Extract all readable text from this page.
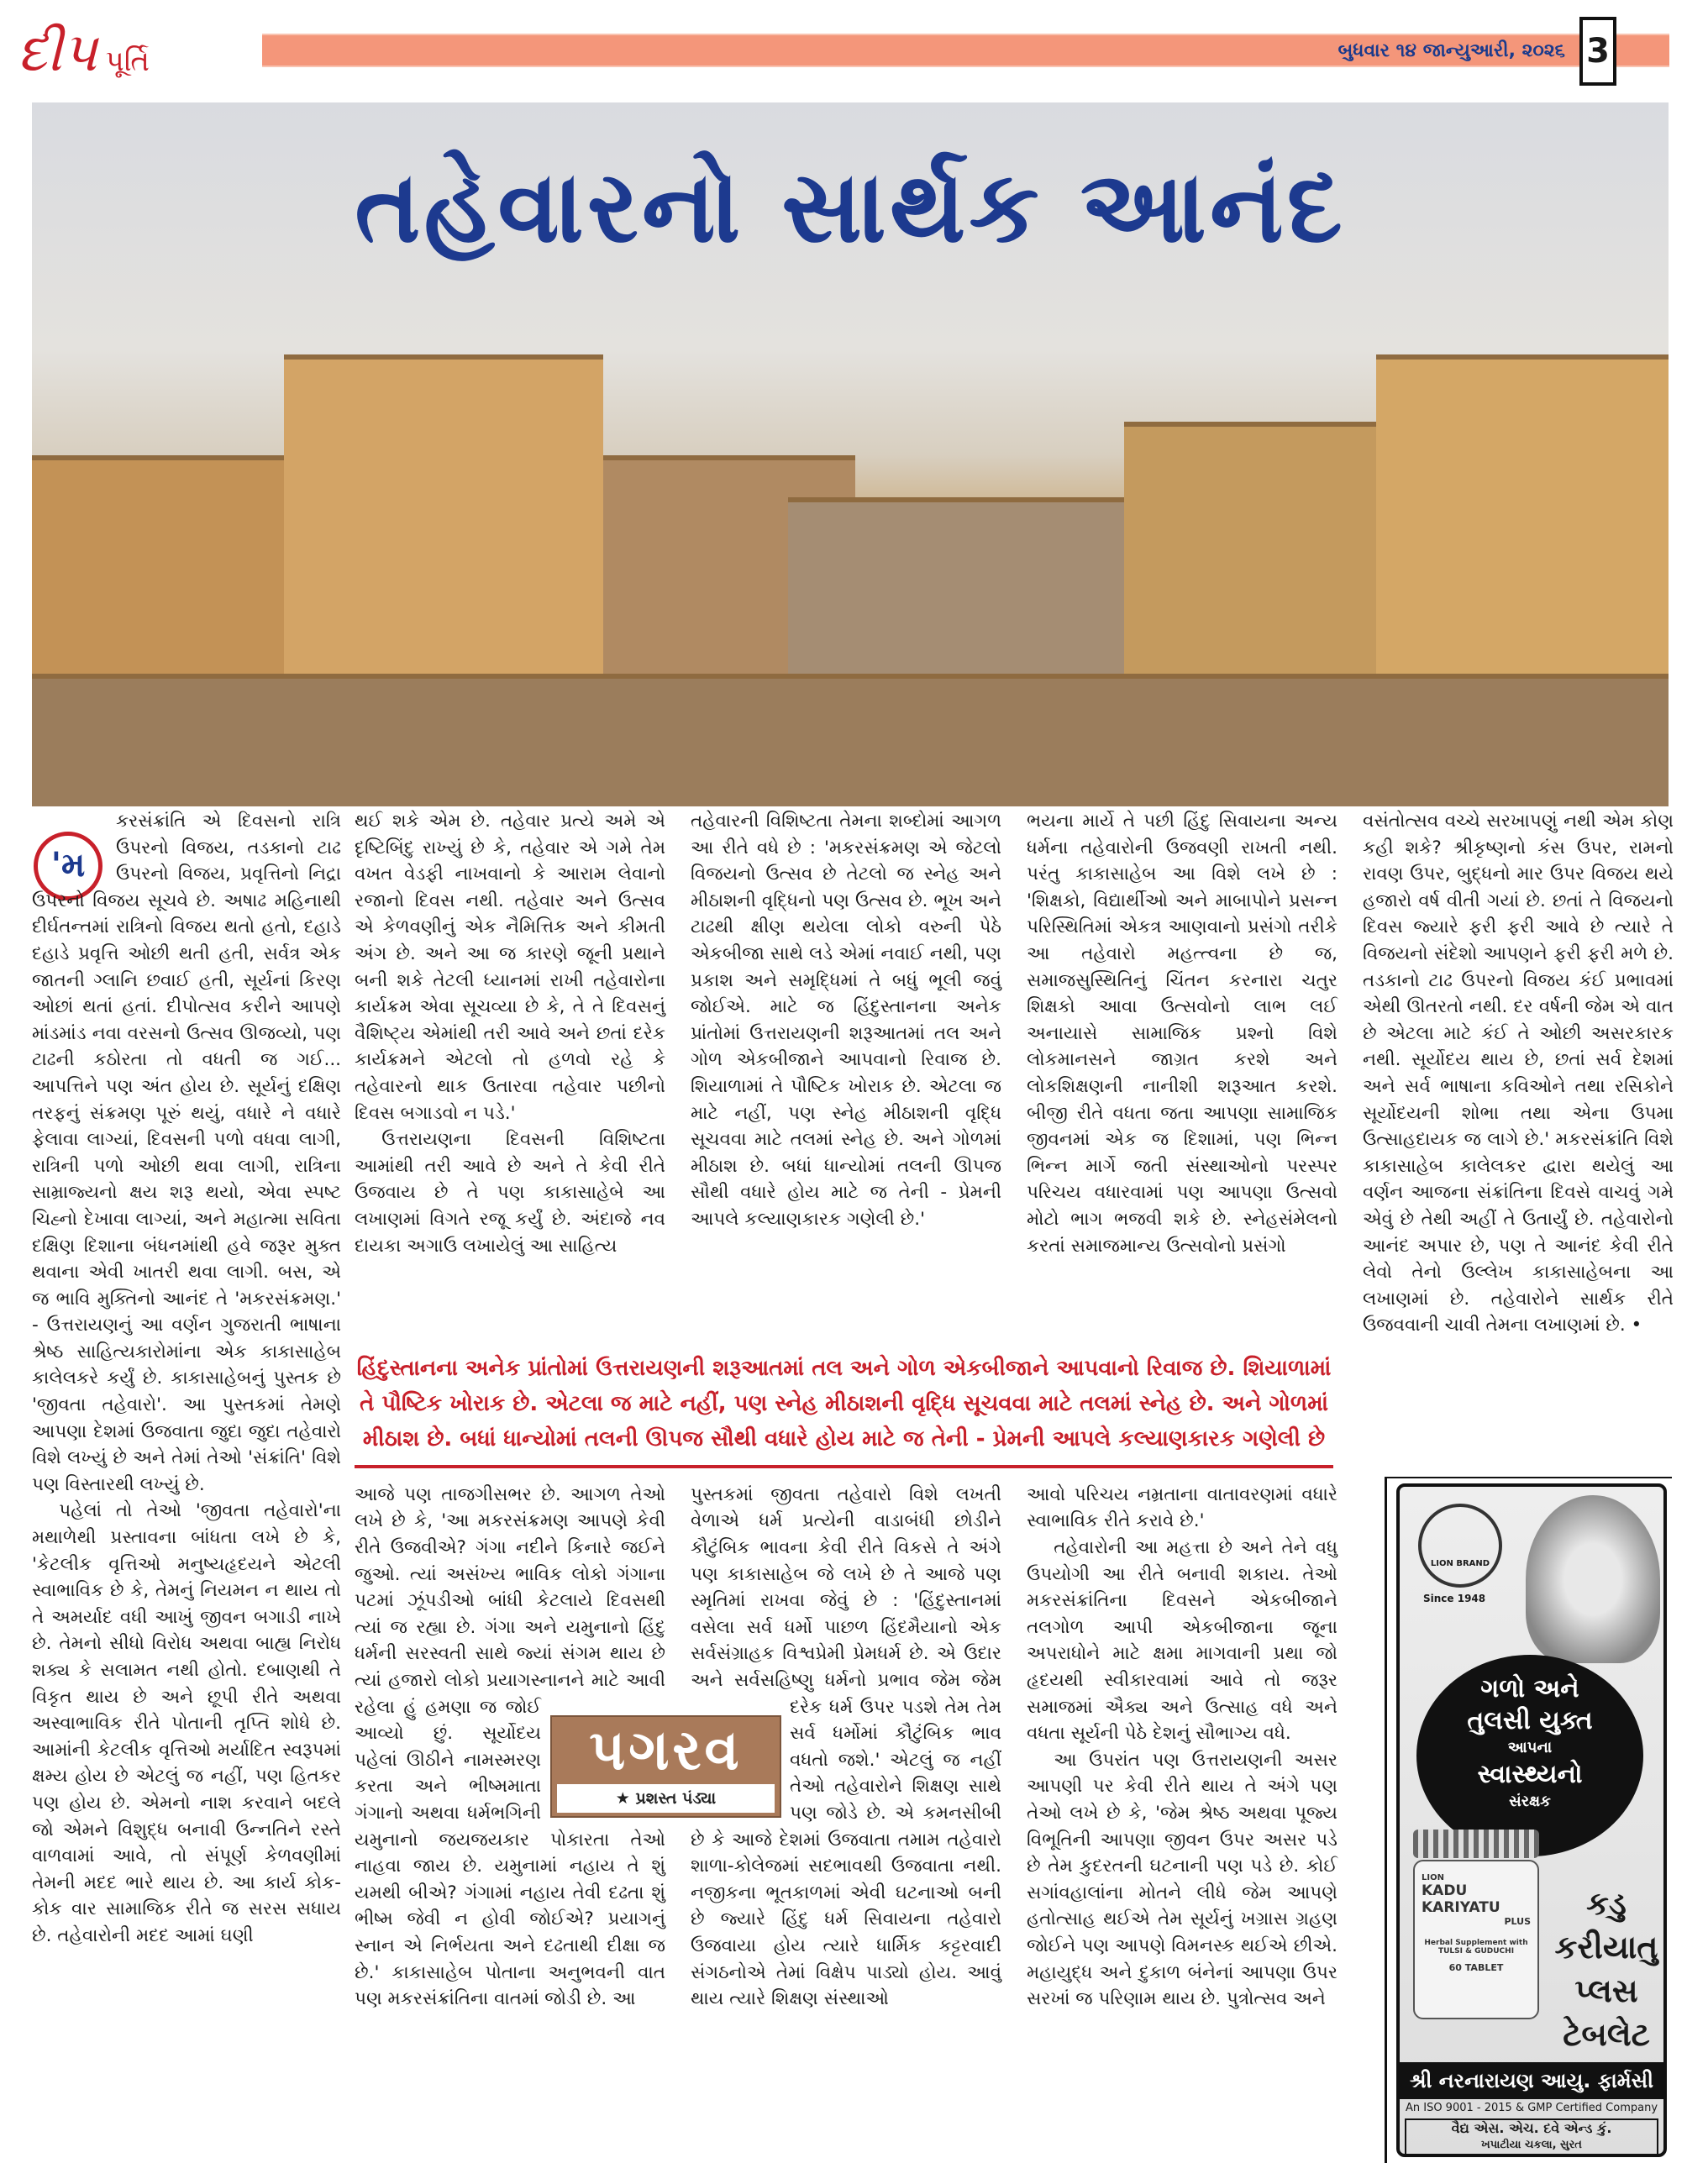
દીપ પૂર્તિ	બુધવાર ૧૪ જાન્યુઆરી, ૨૦૨૬ 3
તહેવારનો સાર્થક આનંદ
'મ

કરસંક્રાંતિ એ દિવસનો રાત્રિ ઉપરનો વિજય, તડકાનો ટાઢ ઉપરનો વિજય, પ્રવૃત્તિનો નિદ્રા ઉપરનો વિજય સૂચવે છે. અષાઢ મહિનાથી દીર્ઘતન્તમાં રાત્રિનો વિજય થતો હતો, દહાડે દહાડે પ્રવૃત્તિ ઓછી થતી હતી, સર્વત્ર એક જાતની ગ્લાનિ છવાઈ હતી, સૂર્યનાં કિરણ ઓછાં થતાં હતાં. દીપોત્સવ કરીને આપણે માંડમાંડ નવા વરસનો ઉત્સવ ઊજવ્યો, પણ ટાઢની કઠોરતા તો વધતી જ ગઈ... આપત્તિને પણ અંત હોય છે. સૂર્યનું દક્ષિણ તરફનું સંક્રમણ પૂરું થયું, વધારે ને વધારે ફેલાવા લાગ્યાં, દિવસની પળો વધવા લાગી, રાત્રિની પળો ઓછી થવા લાગી, રાત્રિના સામ્રાજ્યનો ક્ષય શરૂ થયો, એવા સ્પષ્ટ ચિહ્નો દેખાવા લાગ્યાં, અને મહાત્મા સવિતા દક્ષિણ દિશાના બંધનમાંથી હવે જરૂર મુક્ત થવાના એવી ખાતરી થવા લાગી. બસ, એ જ ભાવિ મુક્તિનો આનંદ તે 'મકરસંક્રમણ.' - ઉત્તરાયણનું આ વર્ણન ગુજરાતી ભાષાના શ્રેષ્ઠ સાહિત્યકારોમાંના એક કાકાસાહેબ કાલેલકરે કર્યું છે. કાકાસાહેબનું પુસ્તક છે 'જીવતા તહેવારો'. આ પુસ્તકમાં તેમણે આપણા દેશમાં ઉજવાતા જુદા જુદા તહેવારો વિશે લખ્યું છે અને તેમાં તેઓ 'સંક્રાંતિ' વિશે પણ વિસ્તારથી લખ્યું છે.

પહેલાં તો તેઓ 'જીવતા તહેવારો'ના મથાળેથી પ્રસ્તાવના બાંધતા લખે છે કે, 'કેટલીક વૃત્તિઓ મનુષ્યહૃદયને એટલી સ્વાભાવિક છે કે, તેમનું નિયમન ન થાય તો તે અમર્યાદ વધી આખું જીવન બગાડી નાખે છે. તેમનો સીધો વિરોધ અથવા બાહ્ય નિરોધ શક્ય કે સલામત નથી હોતો. દબાણથી તે વિકૃત થાય છે અને છૂપી રીતે અથવા અસ્વાભાવિક રીતે પોતાની તૃપ્તિ શોધે છે. આમાંની કેટલીક વૃત્તિઓ મર્યાદિત સ્વરૂપમાં ક્ષમ્ય હોય છે એટલું જ નહીં, પણ હિતકર પણ હોય છે. એમનો નાશ કરવાને બદલે જો એમને વિશુદ્ધ બનાવી ઉન્નતિને રસ્તે વાળવામાં આવે, તો સંપૂર્ણ કેળવણીમાં તેમની મદદ ભારે થાય છે. આ કાર્ય કોક-કોક વાર સામાજિક રીતે જ સરસ સધાય છે. તહેવારોની મદદ આમાં ઘણી

થઈ શકે એમ છે. તહેવાર પ્રત્યે અમે એ દૃષ્ટિબિંદુ રાખ્યું છે કે, તહેવાર એ ગમે તેમ વખત વેડફી નાખવાનો કે આરામ લેવાનો રજાનો દિવસ નથી. તહેવાર અને ઉત્સવ એ કેળવણીનું એક નૈમિત્તિક અને કીમતી અંગ છે. અને આ જ કારણે જૂની પ્રથાને બની શકે તેટલી ધ્યાનમાં રાખી તહેવારોના કાર્યક્રમ એવા સૂચવ્યા છે કે, તે તે દિવસનું વૈશિષ્ટ્ય એમાંથી તરી આવે અને છતાં દરેક કાર્યક્રમને એટલો તો હળવો રહે કે તહેવારનો થાક ઉતારવા તહેવાર પછીનો દિવસ બગાડવો ન પડે.'

ઉત્તરાયણના દિવસની વિશિષ્ટતા આમાંથી તરી આવે છે અને તે કેવી રીતે ઉજવાય છે તે પણ કાકાસાહેબે આ લખાણમાં વિગતે રજૂ કર્યું છે. અંદાજે નવ દાયકા અગાઉ લખાયેલું આ સાહિત્ય

તહેવારની વિશિષ્ટતા તેમના શબ્દોમાં આગળ આ રીતે વધે છે : 'મકરસંક્રમણ એ જેટલો વિજયનો ઉત્સવ છે તેટલો જ સ્નેહ અને મીઠાશની વૃદ્ધિનો પણ ઉત્સવ છે. ભૂખ અને ટાઢથી ક્ષીણ થયેલા લોકો વરુની પેઠે એકબીજા સાથે લડે એમાં નવાઈ નથી, પણ પ્રકાશ અને સમૃદ્ધિમાં તે બધું ભૂલી જવું જોઈએ. માટે જ હિંદુસ્તાનના અનેક પ્રાંતોમાં ઉત્તરાયણની શરૂઆતમાં તલ અને ગોળ એકબીજાને આપવાનો રિવાજ છે. શિયાળામાં તે પૌષ્ટિક ખોરાક છે. એટલા જ માટે નહીં, પણ સ્નેહ મીઠાશની વૃદ્ધિ સૂચવવા માટે તલમાં સ્નેહ છે. અને ગોળમાં મીઠાશ છે. બધાં ધાન્યોમાં તલની ઊપજ સૌથી વધારે હોય માટે જ તેની - પ્રેમની આપલે કલ્યાણકારક ગણેલી છે.'

ભયના માર્યે તે પછી હિંદુ સિવાયના અન્ય ધર્મના તહેવારોની ઉજવણી રાખતી નથી. પરંતુ કાકાસાહેબ આ વિશે લખે છે : 'શિક્ષકો, વિદ્યાર્થીઓ અને માબાપોને પ્રસન્ન પરિસ્થિતિમાં એકત્ર આણવાનો પ્રસંગો તરીકે આ તહેવારો મહત્ત્વના છે જ, સમાજસુસ્થિતિનું ચિંતન કરનારા ચતુર શિક્ષકો આવા ઉત્સવોનો લાભ લઈ અનાયાસે સામાજિક પ્રશ્નો વિશે લોકમાનસને જાગ્રત કરશે અને લોકશિક્ષણની નાનીશી શરૂઆત કરશે. બીજી રીતે વધતા જતા આપણા સામાજિક જીવનમાં એક જ દિશામાં, પણ ભિન્ન ભિન્ન માર્ગે જતી સંસ્થાઓનો પરસ્પર પરિચય વધારવામાં પણ આપણા ઉત્સવો મોટો ભાગ ભજવી શકે છે. સ્નેહસંમેલનો કરતાં સમાજમાન્ય ઉત્સવોનો પ્રસંગો

વસંતોત્સવ વચ્ચે સરખાપણું નથી એમ કોણ કહી શકે? શ્રીકૃષ્ણનો કંસ ઉપર, રામનો રાવણ ઉપર, બુદ્ધનો માર ઉપર વિજય થયે હજારો વર્ષ વીતી ગયાં છે. છતાં તે વિજયનો દિવસ જ્યારે ફરી ફરી આવે છે ત્યારે તે વિજયનો સંદેશો આપણને ફરી ફરી મળે છે. તડકાનો ટાઢ ઉપરનો વિજય કંઈ પ્રભાવમાં એથી ઊતરતો નથી. દર વર્ષની જેમ એ વાત છે એટલા માટે કંઈ તે ઓછી અસરકારક નથી. સૂર્યોદય થાય છે, છતાં સર્વ દેશમાં અને સર્વ ભાષાના કવિઓને તથા રસિકોને સૂર્યોદયની શોભા તથા એના ઉપમા ઉત્સાહદાયક જ લાગે છે.' મકરસંક્રાંતિ વિશે કાકાસાહેબ કાલેલકર દ્વારા થયેલું આ વર્ણન આજના સંક્રાંતિના દિવસે વાચવું ગમે એવું છે તેથી અહીં તે ઉતાર્યું છે. તહેવારોનો આનંદ અપાર છે, પણ તે આનંદ કેવી રીતે લેવો તેનો ઉલ્લેખ કાકાસાહેબના આ લખાણમાં છે. તહેવારોને સાર્થક રીતે ઉજવવાની ચાવી તેમના લખાણમાં છે. •

હિંદુસ્તાનના અનેક પ્રાંતોમાં ઉત્તરાયણની શરૂઆતમાં તલ અને ગોળ એકબીજાને આપવાનો રિવાજ છે. શિયાળામાં તે પૌષ્ટિક ખોરાક છે. એટલા જ માટે નહીં, પણ સ્નેહ મીઠાશની વૃદ્ધિ સૂચવવા માટે તલમાં સ્નેહ છે. અને ગોળમાં મીઠાશ છે. બધાં ધાન્યોમાં તલની ઊપજ સૌથી વધારે હોય માટે જ તેની - પ્રેમની આપલે કલ્યાણકારક ગણેલી છે

આજે પણ તાજગીસભર છે. આગળ તેઓ લખે છે કે, 'આ મકરસંક્રમણ આપણે કેવી રીતે ઉજવીએ? ગંગા નદીને કિનારે જઈને જુઓ. ત્યાં અસંખ્ય ભાવિક લોકો ગંગાના પટમાં ઝૂંપડીઓ બાંધી કેટલાયે દિવસથી ત્યાં જ રહ્યા છે. ગંગા અને યમુનાનો હિંદુ ધર્મની સરસ્વતી સાથે જ્યાં સંગમ થાય છે ત્યાં હજારો લોકો પ્રયાગસ્નાનને માટે આવી રહેલા હું હમણા જ જોઈ આવ્યો છું. સૂર્યોદય પહેલાં ઊઠીને નામસ્મરણ કરતા અને ભીષ્મમાતા ગંગાનો અથવા ધર્મભગિની યમુનાનો જયજયકાર પોકારતા તેઓ નાહવા જાય છે. યમુનામાં નહાય તે શું યમથી બીએ? ગંગામાં નહાય તેવી દઢતા શું ભીષ્મ જેવી ન હોવી જોઈએ? પ્રયાગનું સ્નાન એ નિર્ભયતા અને દઢતાથી દીક્ષા જ છે.' કાકાસાહેબ પોતાના અનુભવની વાત પણ મકરસંક્રાંતિના વાતમાં જોડી છે. આ

પુસ્તકમાં જીવતા તહેવારો વિશે લખતી વેળાએ ધર્મ પ્રત્યેની વાડાબંધી છોડીને કૌટુંબિક ભાવના કેવી રીતે વિકસે તે અંગે પણ કાકાસાહેબ જે લખે છે તે આજે પણ સ્મૃતિમાં રાખવા જેવું છે : 'હિંદુસ્તાનમાં વસેલા સર્વ ધર્મો પાછળ હિંદમૈયાનો એક સર્વસંગ્રાહક વિશ્વપ્રેમી પ્રેમધર્મ છે. એ ઉદાર અને સર્વસહિષ્ણુ ધર્મનો પ્રભાવ જેમ જેમ દરેક ધર્મ ઉપર પડશે તેમ તેમ સર્વ ધર્મોમાં કૌટુંબિક ભાવ વધતો જશે.' એટલું જ નહીં તેઓ તહેવારોને શિક્ષણ સાથે પણ જોડે છે. એ કમનસીબી છે કે આજે દેશમાં ઉજવાતા તમામ તહેવારો શાળા-કોલેજમાં સદભાવથી ઉજવાતા નથી. નજીકના ભૂતકાળમાં એવી ઘટનાઓ બની છે જ્યારે હિંદુ ધર્મ સિવાયના તહેવારો ઉજવાયા હોય ત્યારે ધાર્મિક કટ્ટરવાદી સંગઠનોએ તેમાં વિક્ષેપ પાડ્યો હોય. આવું થાય ત્યારે શિક્ષણ સંસ્થાઓ

આવો પરિચય નમ્રતાના વાતાવરણમાં વધારે સ્વાભાવિક રીતે કરાવે છે.'

તહેવારોની આ મહત્તા છે અને તેને વધુ ઉપયોગી આ રીતે બનાવી શકાય. તેઓ મકરસંક્રાંતિના દિવસને એકબીજાને તલગોળ આપી એકબીજાના જૂના અપરાધોને માટે ક્ષમા માગવાની પ્રથા જો હૃદયથી સ્વીકારવામાં આવે તો જરૂર સમાજમાં ઐક્ય અને ઉત્સાહ વધે અને વધતા સૂર્યની પેઠે દેશનું સૌભાગ્ય વધે.

આ ઉપરાંત પણ ઉત્તરાયણની અસર આપણી પર કેવી રીતે થાય તે અંગે પણ તેઓ લખે છે કે, 'જેમ શ્રેષ્ઠ અથવા પૂજ્ય વિભૂતિની આપણા જીવન ઉપર અસર પડે છે તેમ કુદરતની ઘટનાની પણ પડે છે. કોઈ સગાંવહાલાંના મોતને લીધે જેમ આપણે હતોત્સાહ થઈએ તેમ સૂર્યનું ખગ્રાસ ગ્રહણ જોઈને પણ આપણે વિમનસ્ક થઈએ છીએ. મહાયુદ્ધ અને દુકાળ બંનેનાં આપણા ઉપર સરખાં જ પરિણામ થાય છે. પુત્રોત્સવ અને

પગરવ
★ પ્રશસ્ત પંડ્યા
LION BRAND
Since 1948
ગળો અને
તુલસી યુક્ત
આપના
સ્વાસ્થ્યનો
સંરક્ષક
LION
KADU KARIYATU
PLUS
Herbal Supplement with TULSI & GUDUCHI
60 TABLET
કડુ
કરીયાતુ
પ્લસ
ટેબલેટ
શ્રી નરનારાયણ આયુ. ફાર્મસી
An ISO 9001 - 2015 & GMP Certified Company
વૈદ્ય એસ. એચ. દવે એન્ડ કું.
ખપાટીયા ચકલા, સુરત
